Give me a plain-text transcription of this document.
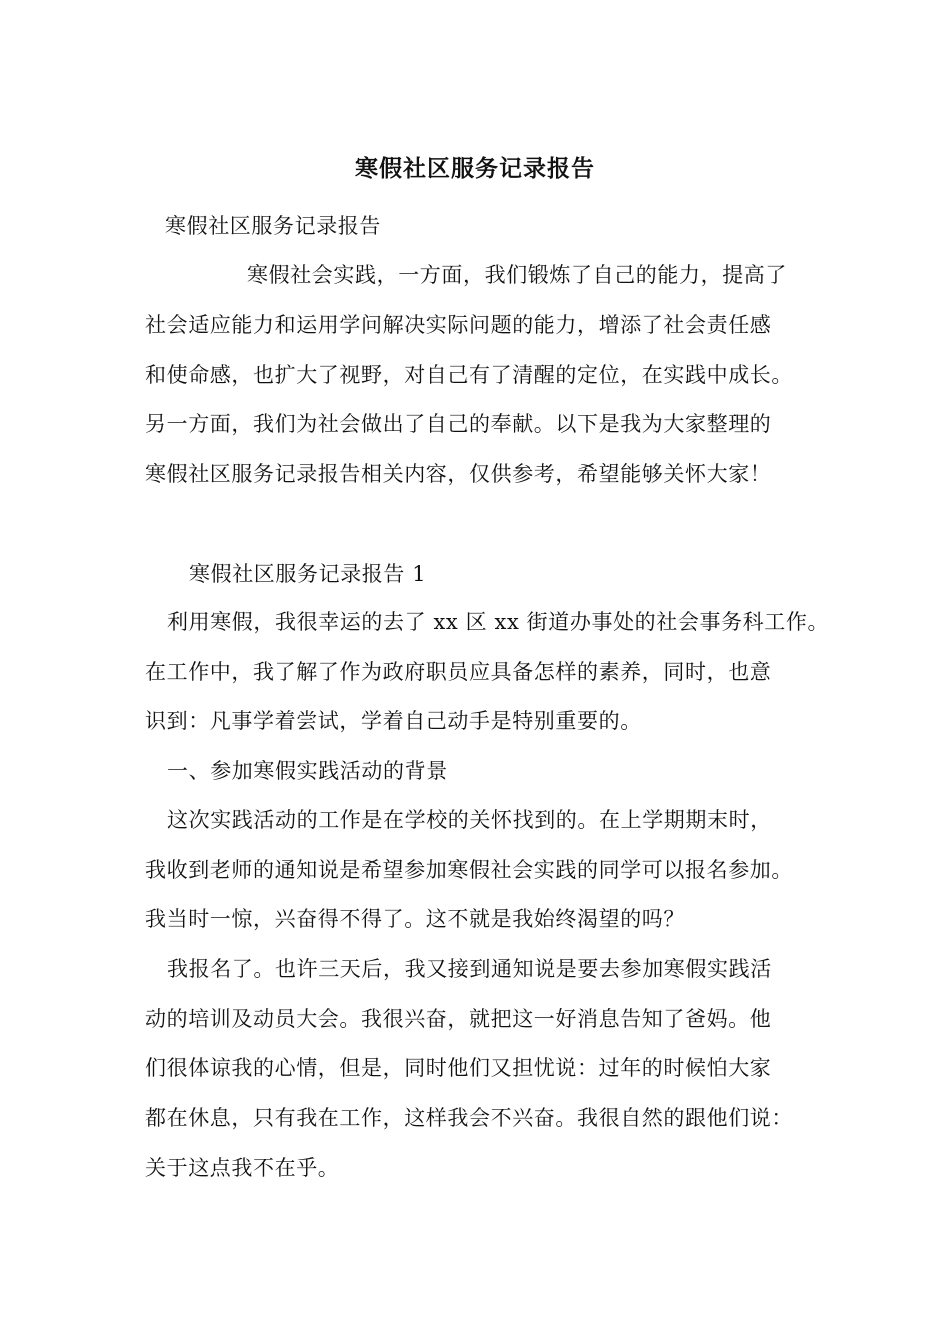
寒假社区服务记录报告
寒假社区服务记录报告
寒假社会实践，一方面，我们锻炼了自己的能力，提高了
社会适应能力和运用学问解决实际问题的能力，增添了社会责任感
和使命感，也扩大了视野，对自己有了清醒的定位，在实践中成长。
另一方面，我们为社会做出了自己的奉献。以下是我为大家整理的
寒假社区服务记录报告相关内容，仅供参考，希望能够关怀大家！
寒假社区服务记录报告 1
利用寒假，我很幸运的去了 xx 区 xx 街道办事处的社会事务科工作。
在工作中，我了解了作为政府职员应具备怎样的素养，同时，也意
识到：凡事学着尝试，学着自己动手是特别重要的。
一、参加寒假实践活动的背景
这次实践活动的工作是在学校的关怀找到的。在上学期期末时，
我收到老师的通知说是希望参加寒假社会实践的同学可以报名参加。
我当时一惊，兴奋得不得了。这不就是我始终渴望的吗？
我报名了。也许三天后，我又接到通知说是要去参加寒假实践活
动的培训及动员大会。我很兴奋，就把这一好消息告知了爸妈。他
们很体谅我的心情，但是，同时他们又担忧说：过年的时候怕大家
都在休息，只有我在工作，这样我会不兴奋。我很自然的跟他们说：
关于这点我不在乎。
